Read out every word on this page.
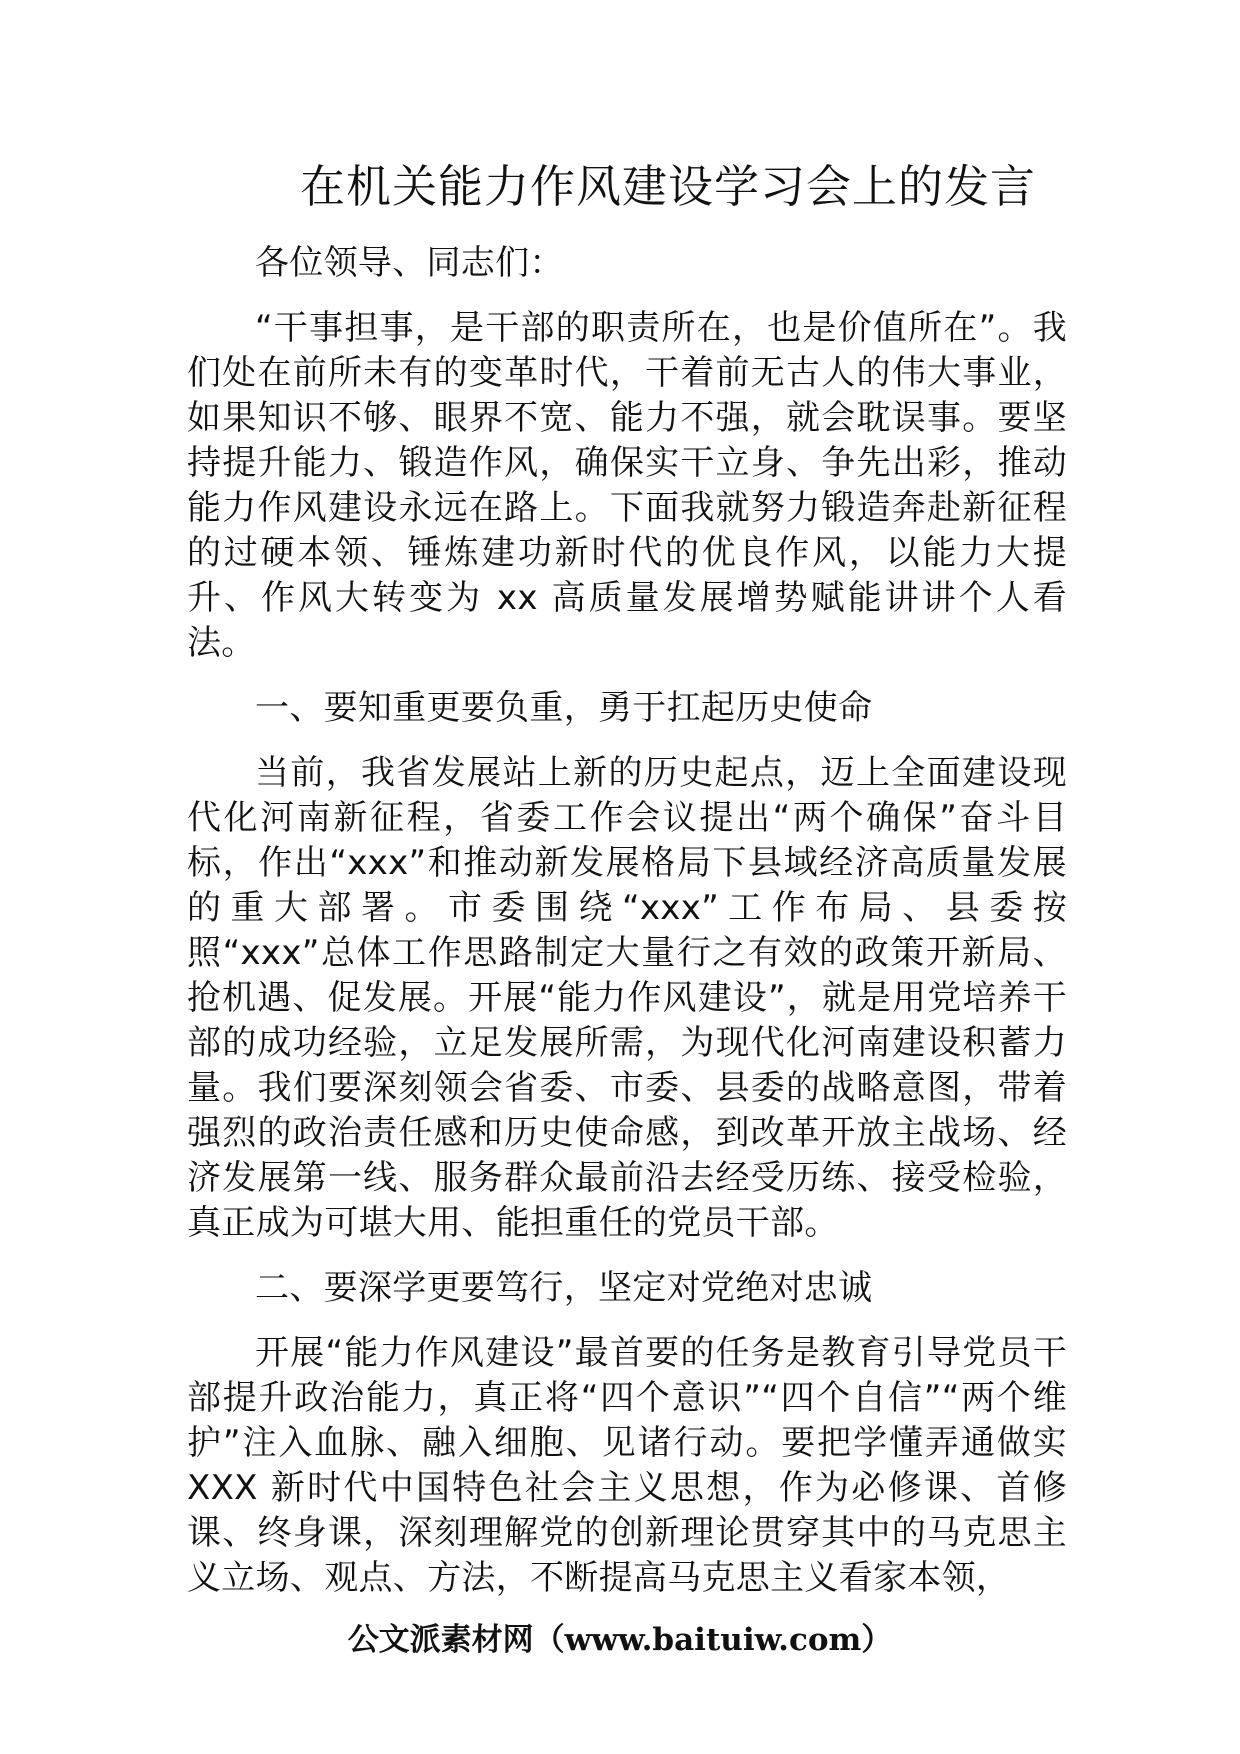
在机关能力作风建设学习会上的发言

各位领导、同志们：

“干事担事，是干部的职责所在，也是价值所在”。我们处在前所未有的变革时代，干着前无古人的伟大事业，如果知识不够、眼界不宽、能力不强，就会耽误事。要坚持提升能力、锻造作风，确保实干立身、争先出彩，推动能力作风建设永远在路上。下面我就努力锻造奔赴新征程的过硬本领、锤炼建功新时代的优良作风，以能力大提升、作风大转变为 xx 高质量发展增势赋能讲讲个人看法。

一、要知重更要负重，勇于扛起历史使命

当前，我省发展站上新的历史起点，迈上全面建设现代化河南新征程，省委工作会议提出“两个确保”奋斗目标，作出“xxx”和推动新发展格局下县域经济高质量发展的重大部署。市委围绕“xxx”工作布局、县委按照“xxx”总体工作思路制定大量行之有效的政策开新局、抢机遇、促发展。开展“能力作风建设”，就是用党培养干部的成功经验，立足发展所需，为现代化河南建设积蓄力量。我们要深刻领会省委、市委、县委的战略意图，带着强烈的政治责任感和历史使命感，到改革开放主战场、经济发展第一线、服务群众最前沿去经受历练、接受检验，真正成为可堪大用、能担重任的党员干部。

二、要深学更要笃行，坚定对党绝对忠诚

开展“能力作风建设”最首要的任务是教育引导党员干部提升政治能力，真正将“四个意识”“四个自信”“两个维护”注入血脉、融入细胞、见诸行动。要把学懂弄通做实 XXX 新时代中国特色社会主义思想，作为必修课、首修课、终身课，深刻理解党的创新理论贯穿其中的马克思主义立场、观点、方法，不断提高马克思主义看家本领，

公文派素材网（www.baituiw.com）
